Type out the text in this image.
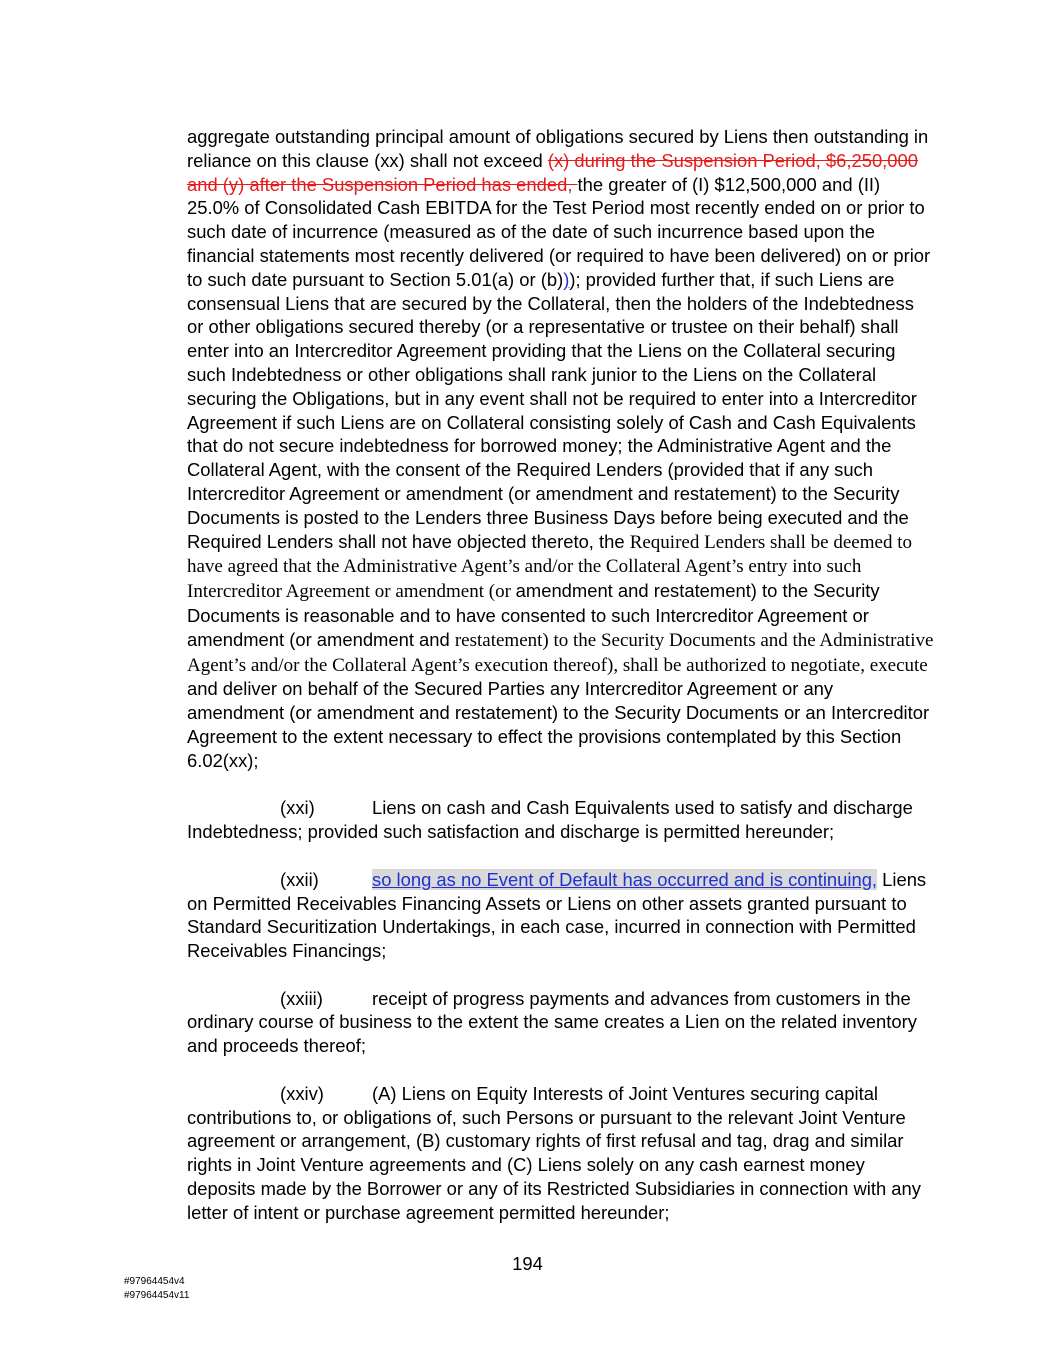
aggregate outstanding principal amount of obligations secured by Liens then outstanding in reliance on this clause (xx) shall not exceed (x) during the Suspension Period, $6,250,000 and (y) after the Suspension Period has ended, the greater of (I) $12,500,000 and (II) 25.0% of Consolidated Cash EBITDA for the Test Period most recently ended on or prior to such date of incurrence (measured as of the date of such incurrence based upon the financial statements most recently delivered (or required to have been delivered) on or prior to such date pursuant to Section 5.01(a) or (b))); provided further that, if such Liens are consensual Liens that are secured by the Collateral, then the holders of the Indebtedness or other obligations secured thereby (or a representative or trustee on their behalf) shall enter into an Intercreditor Agreement providing that the Liens on the Collateral securing such Indebtedness or other obligations shall rank junior to the Liens on the Collateral securing the Obligations, but in any event shall not be required to enter into a Intercreditor Agreement if such Liens are on Collateral consisting solely of Cash and Cash Equivalents that do not secure indebtedness for borrowed money; the Administrative Agent and the Collateral Agent, with the consent of the Required Lenders (provided that if any such Intercreditor Agreement or amendment (or amendment and restatement) to the Security Documents is posted to the Lenders three Business Days before being executed and the Required Lenders shall not have objected thereto, the Required Lenders shall be deemed to have agreed that the Administrative Agent’s and/or the Collateral Agent’s entry into such Intercreditor Agreement or amendment (or amendment and restatement) to the Security Documents is reasonable and to have consented to such Intercreditor Agreement or amendment (or amendment and restatement) to the Security Documents and the Administrative Agent’s and/or the Collateral Agent’s execution thereof), shall be authorized to negotiate, execute and deliver on behalf of the Secured Parties any Intercreditor Agreement or any amendment (or amendment and restatement) to the Security Documents or an Intercreditor Agreement to the extent necessary to effect the provisions contemplated by this Section 6.02(xx);

(xxi)	Liens on cash and Cash Equivalents used to satisfy and discharge Indebtedness; provided such satisfaction and discharge is permitted hereunder;

(xxii)	so long as no Event of Default has occurred and is continuing, Liens on Permitted Receivables Financing Assets or Liens on other assets granted pursuant to Standard Securitization Undertakings, in each case, incurred in connection with Permitted Receivables Financings;

(xxiii)	receipt of progress payments and advances from customers in the ordinary course of business to the extent the same creates a Lien on the related inventory and proceeds thereof;

(xxiv)	(A) Liens on Equity Interests of Joint Ventures securing capital contributions to, or obligations of, such Persons or pursuant to the relevant Joint Venture agreement or arrangement, (B) customary rights of first refusal and tag, drag and similar rights in Joint Venture agreements and (C) Liens solely on any cash earnest money deposits made by the Borrower or any of its Restricted Subsidiaries in connection with any letter of intent or purchase agreement permitted hereunder;

194
#97964454v4
#97964454v11
